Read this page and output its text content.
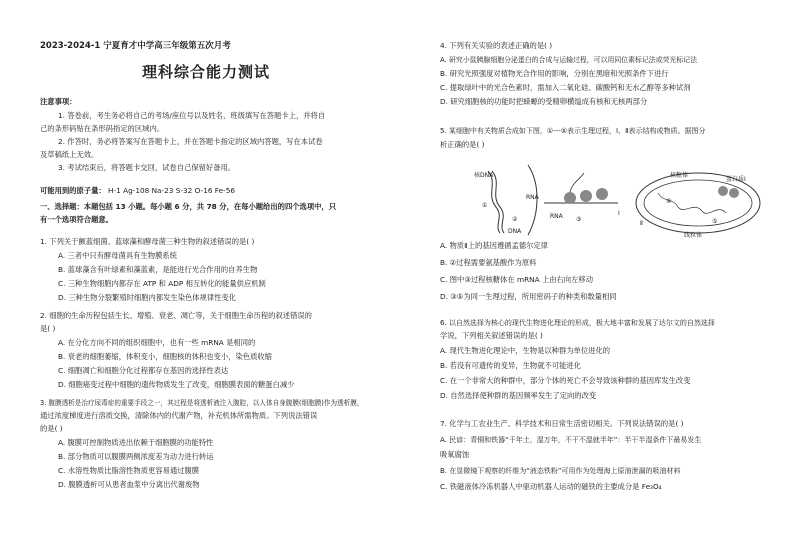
2023-2024-1 宁夏育才中学高三年级第五次月考
理科综合能力测试
注意事项：
1. 答卷前，考生务必将自己的考场/座位号以及姓名、班级填写在答题卡上，并将自
己的条形码贴在条形码指定的区域内。
2. 作答时，务必将答案写在答题卡上，并在答题卡指定的区域内答题，写在本试卷
及草稿纸上无效。
3. 考试结束后，将答题卡交回，试卷自己保留好备用。
可能用到的原子量： H-1 Ag-108 Na-23 S-32 O-16 Fe-56
一、选择题：本题包括 13 小题。每小题 6 分，共 78 分，在每小题给出的四个选项中，只
有一个选项符合题意。
1. 下列关于颤蓝细菌、蓝球藻和酵母菌三种生物的叙述错误的是( )
A. 三者中只有酵母菌具有生物膜系统
B. 蓝球藻含有叶绿素和藻蓝素，是能进行光合作用的自养生物
C. 三种生物细胞内都存在 ATP 和 ADP 相互转化的能量供应机制
D. 三种生物分裂繁殖时细胞内都发生染色体规律性变化
2. 细胞的生命历程包括生长、增殖、衰老、凋亡等，关于细胞生命历程的叙述错误的
是( )
A. 在分化方向不同的组织细胞中，也有一些 mRNA 是相同的
B. 衰老的细胞萎缩，体积变小，细胞核的体积也变小，染色质收缩
C. 细胞凋亡和细胞分化过程都存在基因的选择性表达
D. 细胞癌变过程中细胞的遗传物质发生了改变，细胞膜表面的糖蛋白减少
3. 腹膜透析是治疗尿毒症的重要手段之一，其过程是将透析液注入腹腔，以人体自身腹膜(细胞膜)作为透析膜，
通过浓度梯度进行溶质交换，清除体内的代谢产物，补充机体所需物质。下列说法错误
的是( )
A. 腹膜可控制物质进出依赖于细胞膜的功能特性
B. 部分物质可以腹膜两侧浓度差为动力进行转运
C. 水溶性物质比脂溶性物质更容易通过腹膜
D. 腹膜透析可从患者血浆中分离出代谢废物
4. 下列有关实验的表述正确的是( )
A. 研究小鼠胰腺细胞分泌蛋白的合成与运输过程，可以用同位素标记法或荧光标记法
B. 研究光照强度对植物光合作用的影响，分别在黑暗和光照条件下进行
C. 提取绿叶中的光合色素时，需加入二氧化硅、碳酸钙和无水乙醇等多种试剂
D. 研究细胞核的功能时把蝾螈的受精卵横缢成有核和无核两部分
5. 某细胞中有关物质合成如下图，①---⑤表示生理过程，Ⅰ、Ⅱ表示结构或物质。据图分
析正确的是( )
核DNA
①
RNA
②	RNA ③
Ⅰ
核糖体
蛋白质Ⅰ
④
⑤
Ⅱ
线粒体
DNA
A. 物质Ⅱ上的基因遵循孟德尔定律
B. ②过程需要氨基酸作为原料
C. 图中③过程核糖体在 mRNA 上由右向左移动
D. ③⑤为同一生理过程，所用密码子的种类和数量相同
6. 以自然选择为核心的现代生物进化理论的形成，极大地丰富和发展了达尔文的自然选择
学说，下列相关叙述错误的是( )
A. 现代生物进化理论中，生物是以种群为单位进化的
B. 若没有可遗传的变异，生物就不可能进化
C. 在一个非常大的种群中，部分个体的死亡不会导致该种群的基因库发生改变
D. 自然选择使种群的基因频率发生了定向的改变
7. 化学与工农业生产、科学技术和日常生活密切相关。下列说法错误的是( )
A. 民谚：青铜和铁器“千年土，湿万年，不干不湿就半年”：半干半湿条件下最易发生
吸氧腐蚀
B. 在显微镜下观察的纤维为“液态铁粉”可用作为处理海上原油泄漏的吸油材料
C. 铁磁液体冷冻机器人中驱动机器人运动的磁铁的主要成分是 Fe₃O₄
